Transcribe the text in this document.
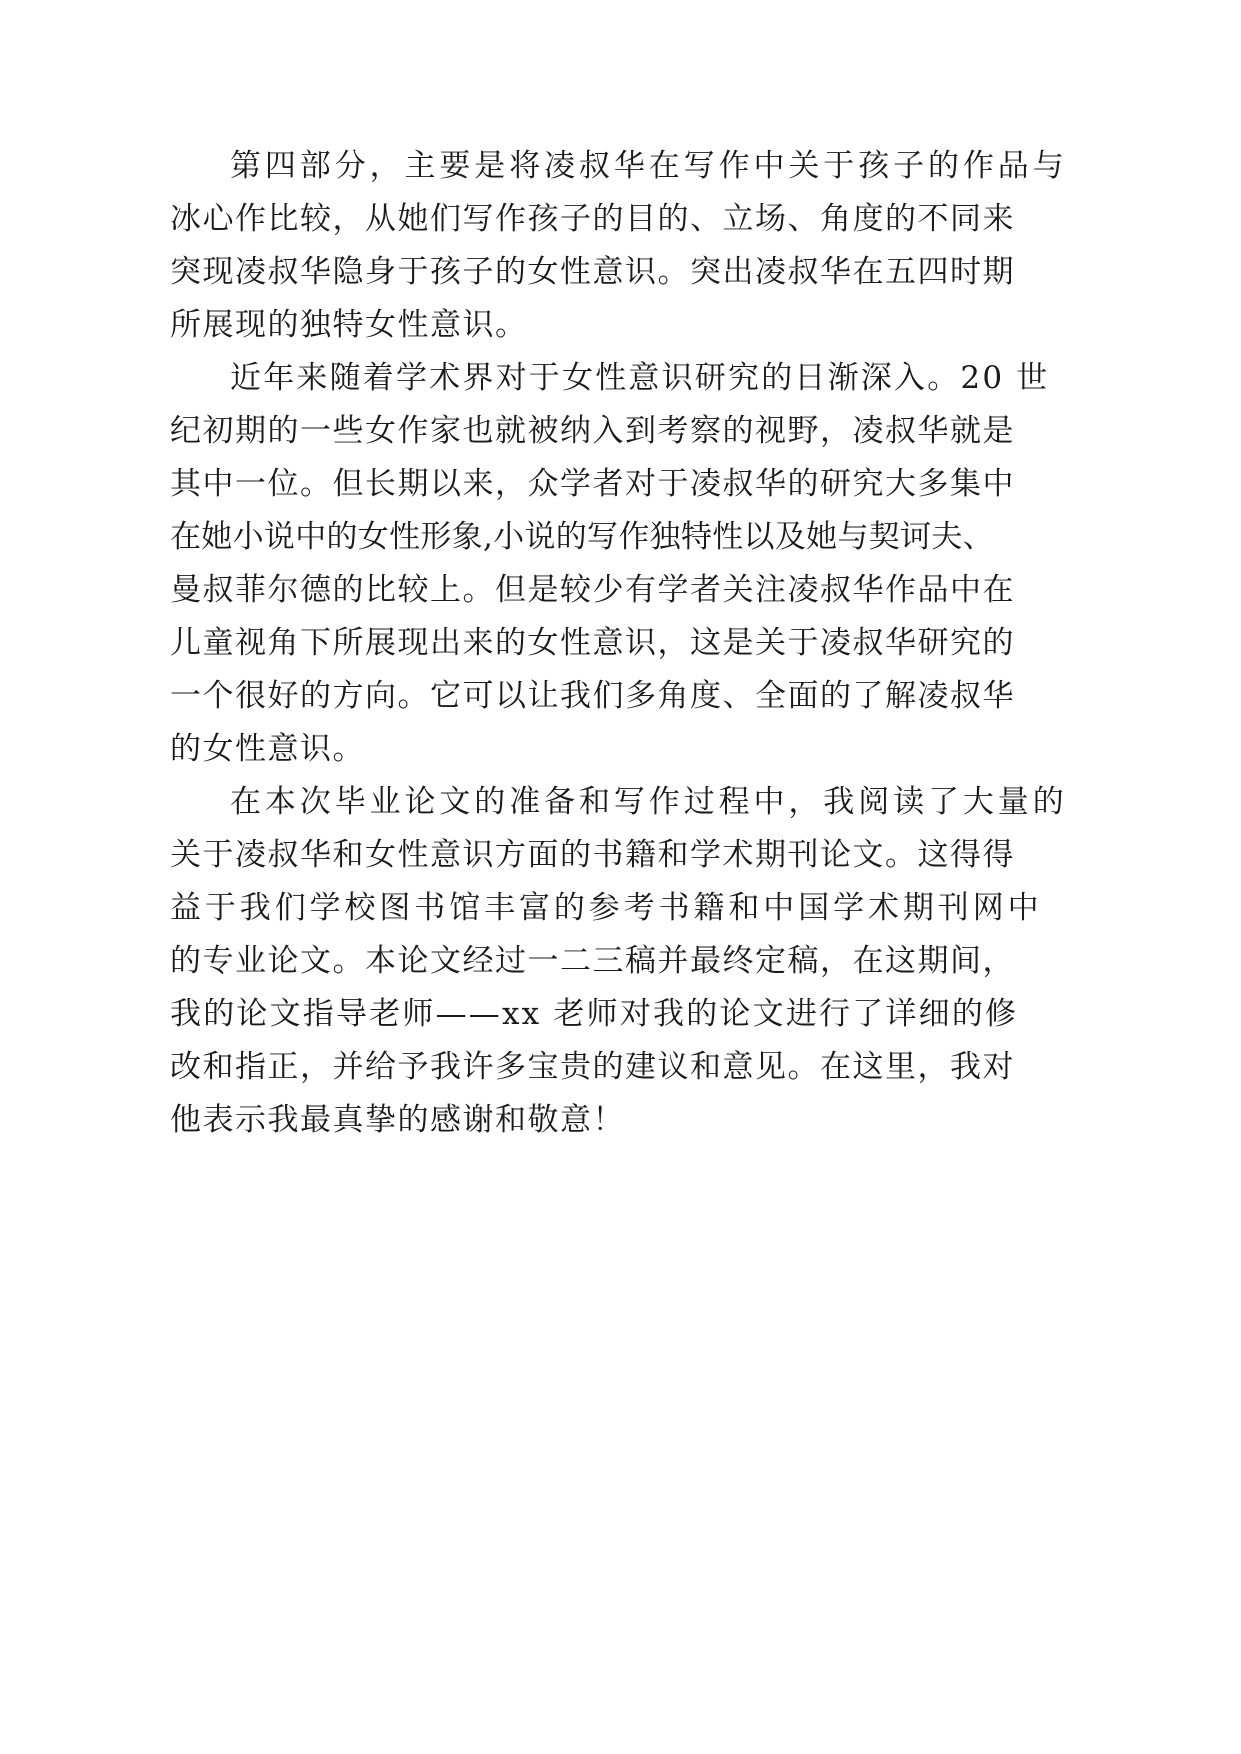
第四部分，主要是将凌叔华在写作中关于孩子的作品与
冰心作比较，从她们写作孩子的目的、立场、角度的不同来
突现凌叔华隐身于孩子的女性意识。突出凌叔华在五四时期
所展现的独特女性意识。
近年来随着学术界对于女性意识研究的日渐深入。20 世
纪初期的一些女作家也就被纳入到考察的视野，凌叔华就是
其中一位。但长期以来，众学者对于凌叔华的研究大多集中
在她小说中的女性形象,小说的写作独特性以及她与契诃夫、
曼叔菲尔德的比较上。但是较少有学者关注凌叔华作品中在
儿童视角下所展现出来的女性意识，这是关于凌叔华研究的
一个很好的方向。它可以让我们多角度、全面的了解凌叔华
的女性意识。
在本次毕业论文的准备和写作过程中，我阅读了大量的
关于凌叔华和女性意识方面的书籍和学术期刊论文。这得得
益于我们学校图书馆丰富的参考书籍和中国学术期刊网中
的专业论文。本论文经过一二三稿并最终定稿，在这期间，
我的论文指导老师——xx 老师对我的论文进行了详细的修
改和指正，并给予我许多宝贵的建议和意见。在这里，我对
他表示我最真挚的感谢和敬意！
